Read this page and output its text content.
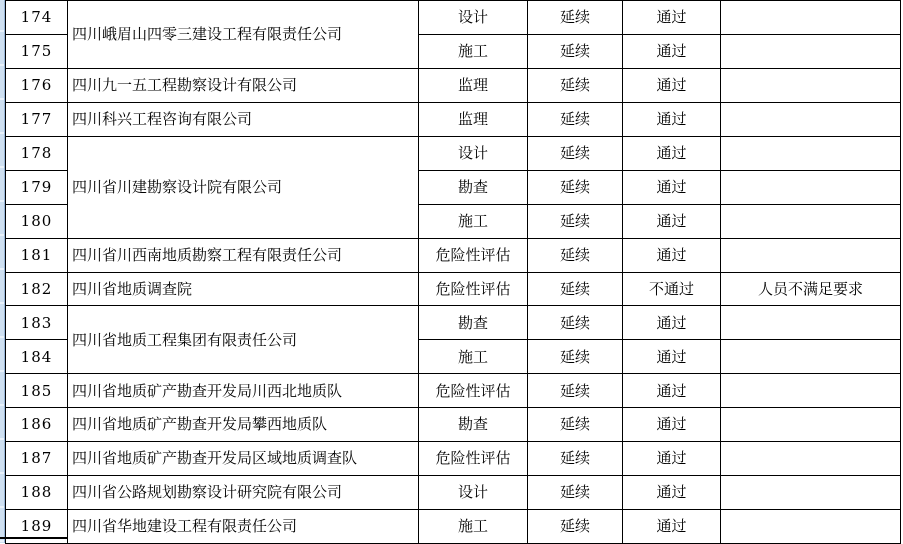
174	四川峨眉山四零三建设工程有限责任公司	设计	延续	通过	
175		施工	延续	通过	
176	四川九一五工程勘察设计有限公司	监理	延续	通过	
177	四川科兴工程咨询有限公司	监理	延续	通过	
178	四川省川建勘察设计院有限公司	设计	延续	通过	
179		勘查	延续	通过	
180		施工	延续	通过	
181	四川省川西南地质勘察工程有限责任公司	危险性评估	延续	通过	
182	四川省地质调查院	危险性评估	延续	不通过	人员不满足要求
183	四川省地质工程集团有限责任公司	勘查	延续	通过	
184		施工	延续	通过	
185	四川省地质矿产勘查开发局川西北地质队	危险性评估	延续	通过	
186	四川省地质矿产勘查开发局攀西地质队	勘查	延续	通过	
187	四川省地质矿产勘查开发局区域地质调查队	危险性评估	延续	通过	
188	四川省公路规划勘察设计研究院有限公司	设计	延续	通过	
189	四川省华地建设工程有限责任公司	施工	延续	通过	
